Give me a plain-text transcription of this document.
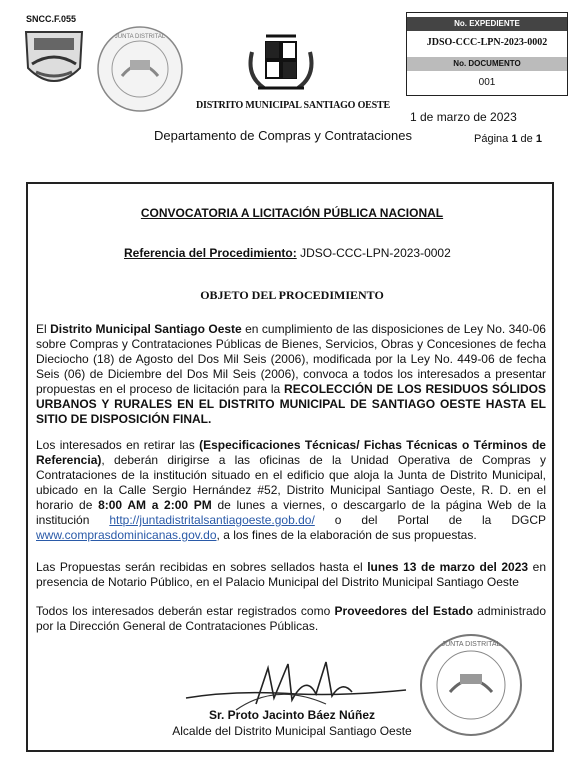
SNCC.F.055
JUNTA DISTRITAL
DISTRITO MUNICIPAL SANTIAGO OESTE
1 de marzo de 2023
Departamento de Compras y Contrataciones	Página 1 de 1
No. EXPEDIENTE
JDSO-CCC-LPN-2023-0002
No. DOCUMENTO
001
CONVOCATORIA A LICITACIÓN PÚBLICA NACIONAL
Referencia del Procedimiento: JDSO-CCC-LPN-2023-0002
OBJETO DEL PROCEDIMIENTO
El Distrito Municipal Santiago Oeste en cumplimiento de las disposiciones de Ley No. 340-06 sobre Compras y Contrataciones Públicas de Bienes, Servicios, Obras y Concesiones de fecha Dieciocho (18) de Agosto del Dos Mil Seis (2006), modificada por la Ley No. 449-06 de fecha Seis (06) de Diciembre del Dos Mil Seis (2006), convoca a todos los interesados a presentar propuestas en el proceso de licitación para la RECOLECCIÓN DE LOS RESIDUOS SÓLIDOS URBANOS Y RURALES EN EL DISTRITO MUNICIPAL DE SANTIAGO OESTE HASTA EL SITIO DE DISPOSICIÓN FINAL.
Los interesados en retirar las (Especificaciones Técnicas/ Fichas Técnicas o Términos de Referencia), deberán dirigirse a las oficinas de la Unidad Operativa de Compras y Contrataciones de la institución situado en el edificio que aloja la Junta de Distrito Municipal, ubicado en la Calle Sergio Hernández #52, Distrito Municipal Santiago Oeste, R. D. en el horario de 8:00 AM a 2:00 PM de lunes a viernes, o descargarlo de la página Web de la institución http://juntadistritalsantiagoeste.gob.do/ o del Portal de la DGCP www.comprasdominicanas.gov.do, a los fines de la elaboración de sus propuestas.
Las Propuestas serán recibidas en sobres sellados hasta el lunes 13 de marzo del 2023 en presencia de Notario Público, en el Palacio Municipal del Distrito Municipal Santiago Oeste
Todos los interesados deberán estar registrados como Proveedores del Estado administrado por la Dirección General de Contrataciones Públicas.
JUNTA DISTRITAL
Sr. Proto Jacinto Báez Núñez
Alcalde del Distrito Municipal Santiago Oeste
